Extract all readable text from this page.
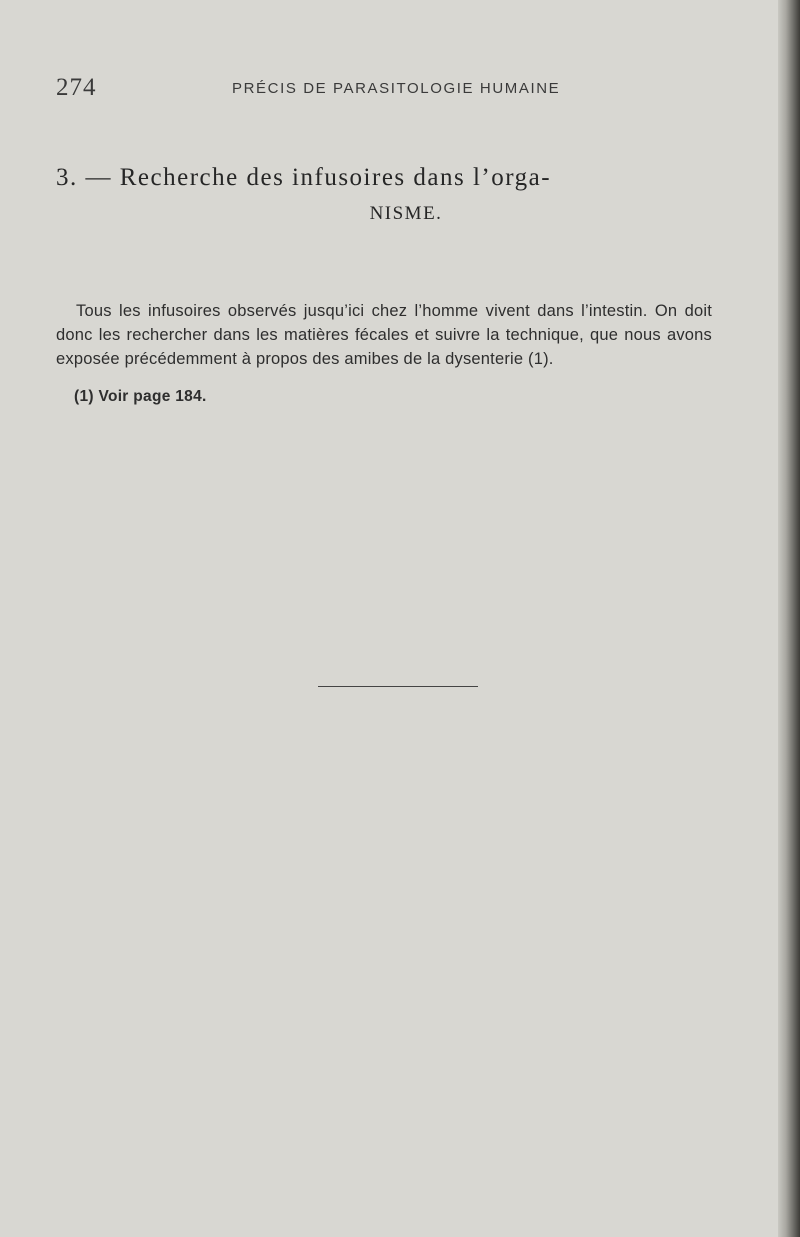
274	PRÉCIS DE PARASITOLOGIE HUMAINE
3. — Recherche des infusoires dans l’orga-
NISME.

Tous les infusoires observés jusqu’ici chez l’homme vivent dans l’intestin. On doit donc les rechercher dans les matières fécales et suivre la technique, que nous avons exposée précédemment à propos des amibes de la dysenterie (1).

(1) Voir page 184.
